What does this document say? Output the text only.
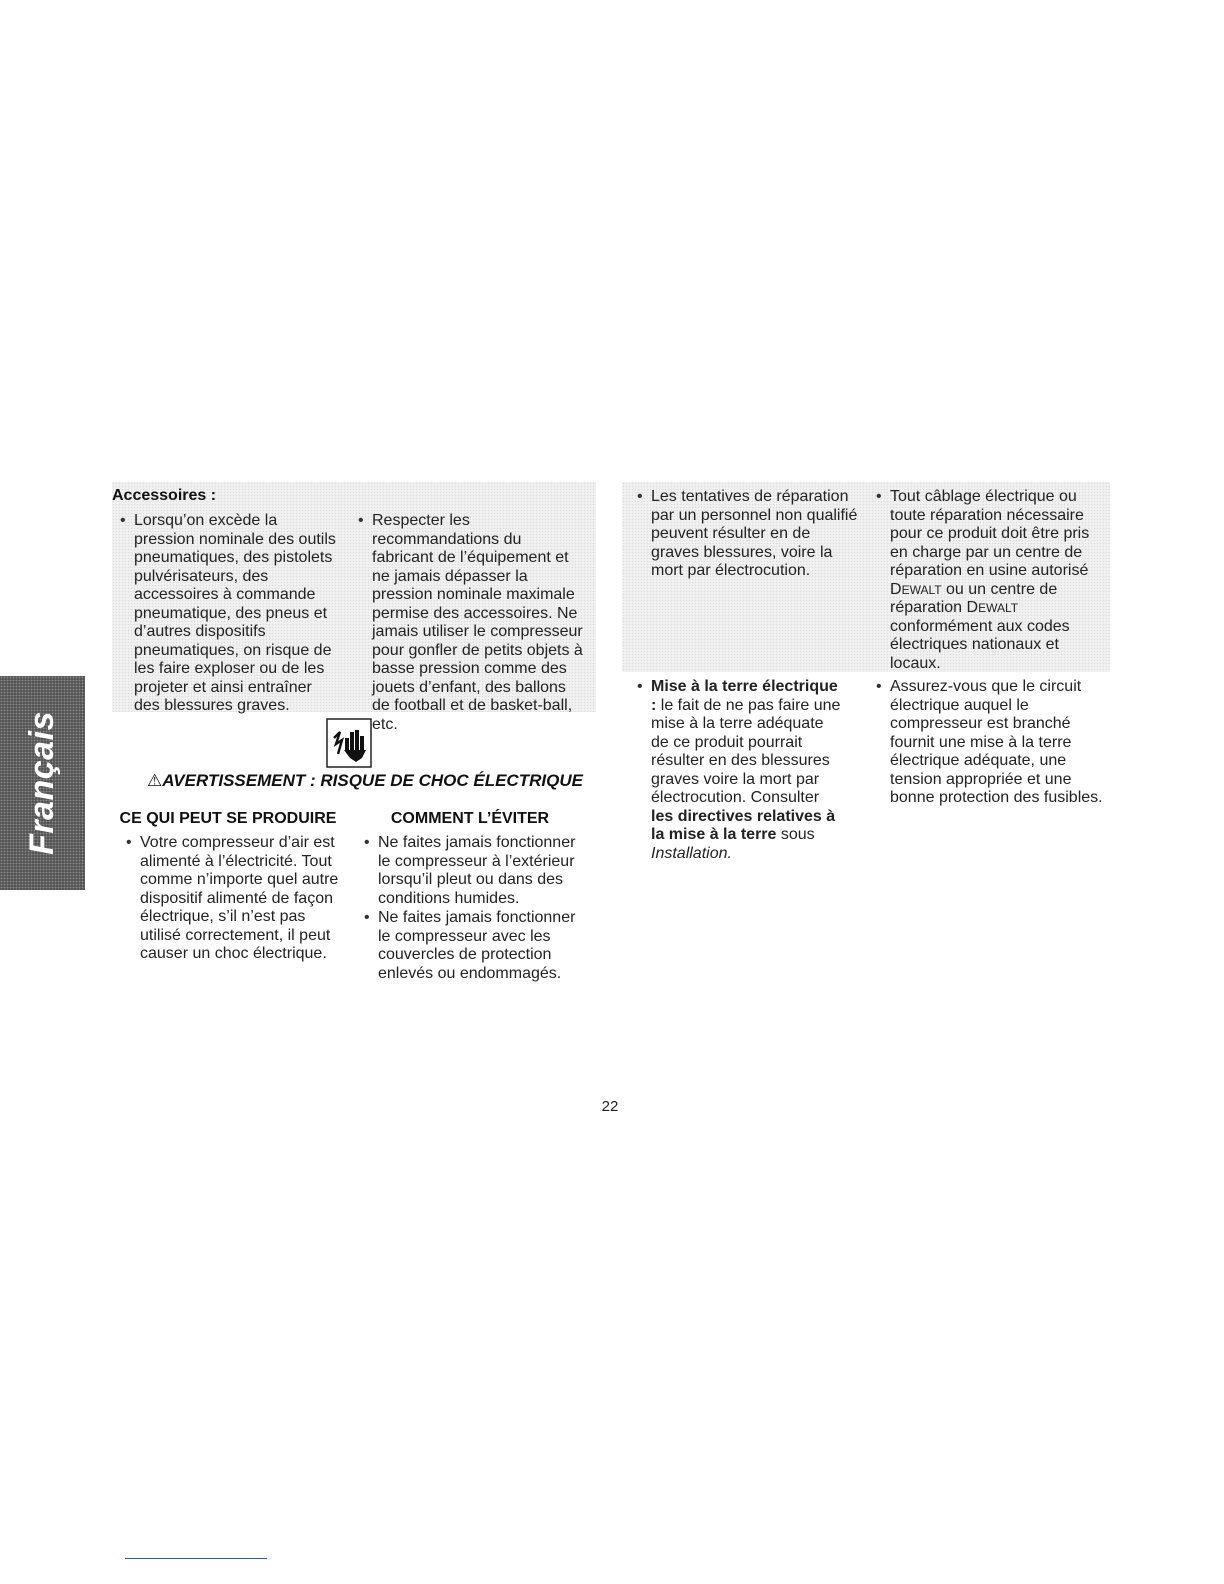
Français
Accessoires :
• Lorsqu’on excède la pression nominale des outils pneumatiques, des pistolets pulvérisateurs, des accessoires à commande pneumatique, des pneus et d’autres dispositifs pneumatiques, on risque de les faire exploser ou de les projeter et ainsi entraîner des blessures graves.
• Respecter les recommandations du fabricant de l’équipement et ne jamais dépasser la pression nominale maximale permise des accessoires. Ne jamais utiliser le compresseur pour gonfler de petits objets à basse pression comme des jouets d’enfant, des ballons de football et de basket-ball, etc.
⚠AVERTISSEMENT : RISQUE DE CHOC ÉLECTRIQUE
CE QUI PEUT SE PRODUIRE
• Votre compresseur d’air est alimenté à l’électricité. Tout comme n’importe quel autre dispositif alimenté de façon électrique, s’il n’est pas utilisé correctement, il peut causer un choc électrique.
COMMENT L’ÉVITER
• Ne faites jamais fonctionner le compresseur à l’extérieur lorsqu’il pleut ou dans des conditions humides.
• Ne faites jamais fonctionner le compresseur avec les couvercles de protection enlevés ou endommagés.
• Les tentatives de réparation par un personnel non qualifié peuvent résulter en de graves blessures, voire la mort par électrocution.
• Tout câblage électrique ou toute réparation nécessaire pour ce produit doit être pris en charge par un centre de réparation en usine autorisé DEWALT ou un centre de réparation DEWALT conformément aux codes électriques nationaux et locaux.
• Mise à la terre électrique : le fait de ne pas faire une mise à la terre adéquate de ce produit pourrait résulter en des blessures graves voire la mort par électrocution. Consulter les directives relatives à la mise à la terre sous Installation.
• Assurez-vous que le circuit électrique auquel le compresseur est branché fournit une mise à la terre électrique adéquate, une tension appropriée et une bonne protection des fusibles.
22
